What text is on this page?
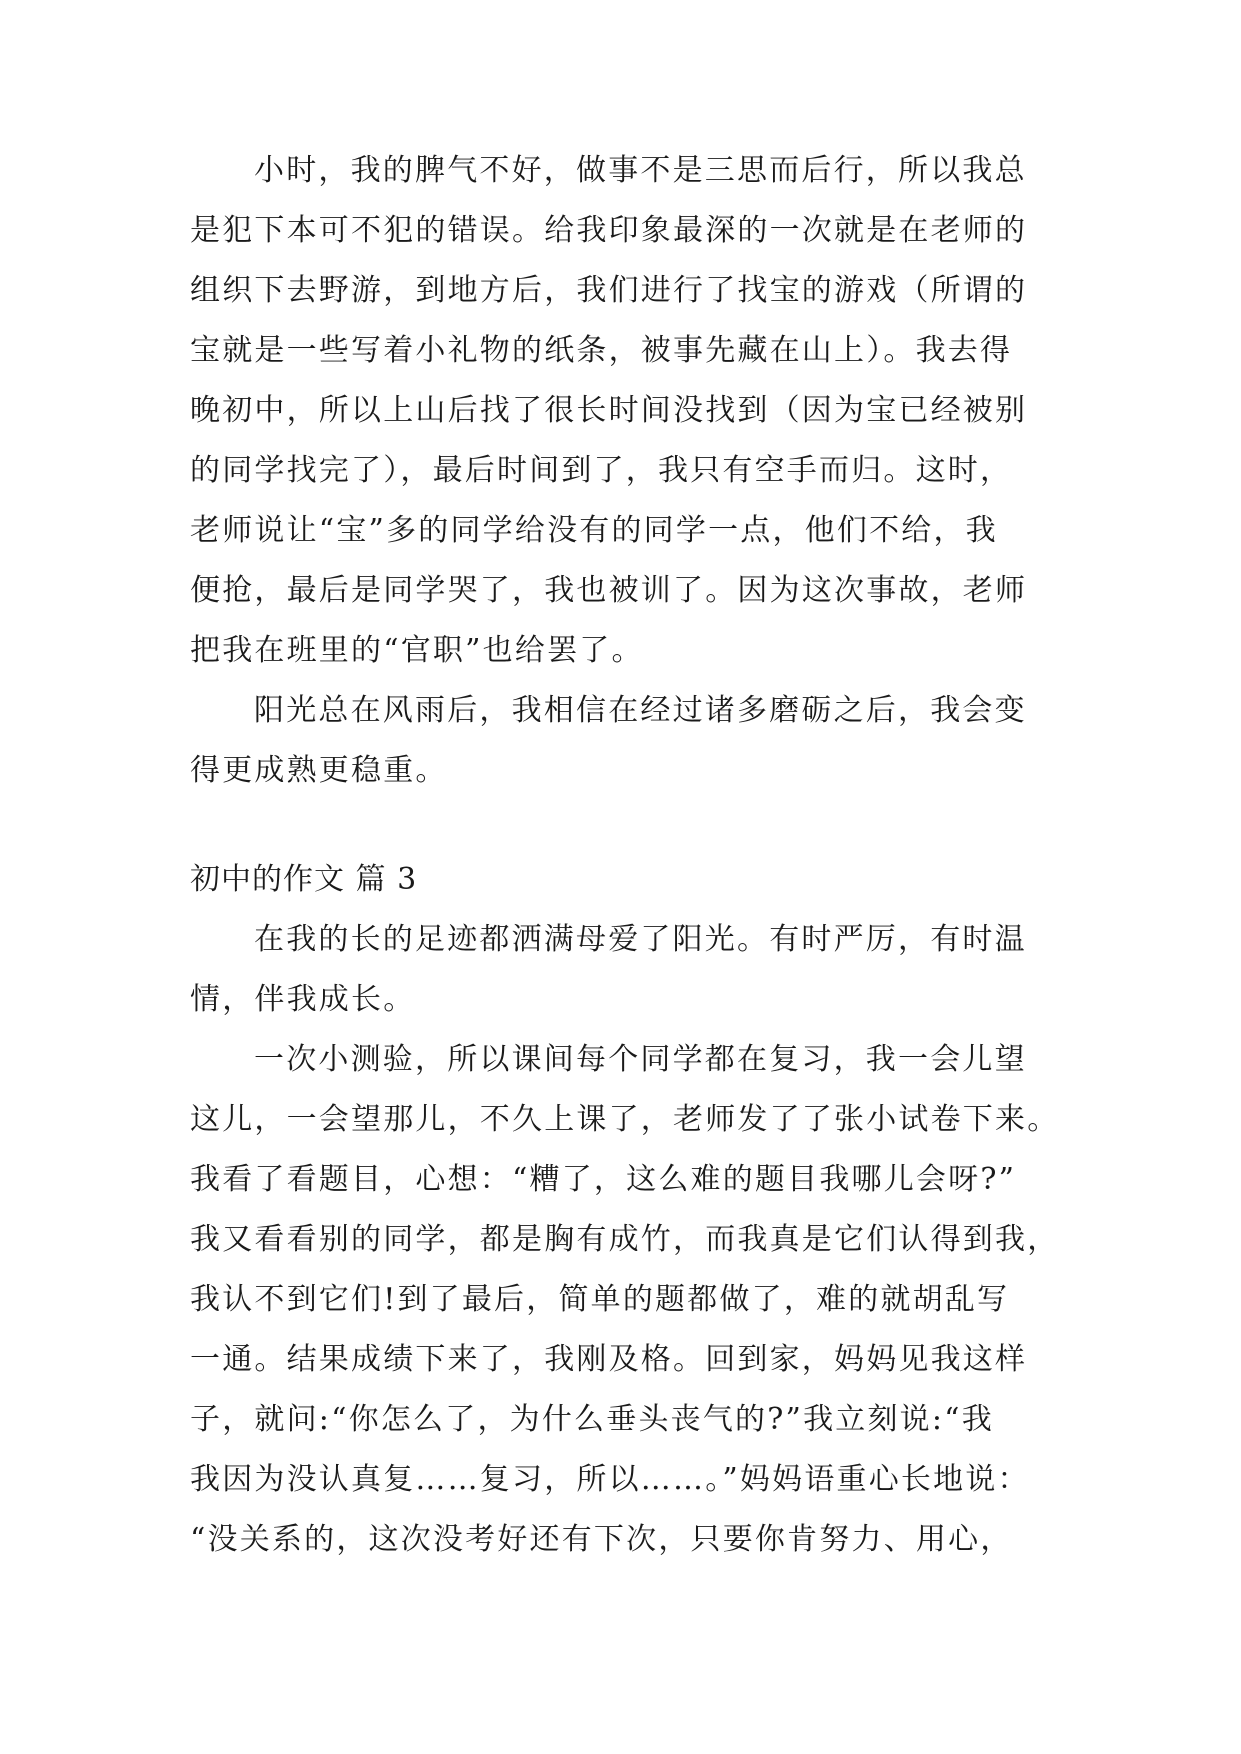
小时，我的脾气不好，做事不是三思而后行，所以我总
是犯下本可不犯的错误。给我印象最深的一次就是在老师的
组织下去野游，到地方后，我们进行了找宝的游戏（所谓的
宝就是一些写着小礼物的纸条，被事先藏在山上）。我去得
晚初中，所以上山后找了很长时间没找到（因为宝已经被别
的同学找完了），最后时间到了，我只有空手而归。这时，
老师说让“宝”多的同学给没有的同学一点，他们不给，我
便抢，最后是同学哭了，我也被训了。因为这次事故，老师
把我在班里的“官职”也给罢了。
阳光总在风雨后，我相信在经过诸多磨砺之后，我会变
得更成熟更稳重。
初中的作文 篇 3
在我的长的足迹都洒满母爱了阳光。有时严厉，有时温
情，伴我成长。
一次小测验，所以课间每个同学都在复习，我一会儿望
这儿，一会望那儿，不久上课了，老师发了了张小试卷下来。
我看了看题目，心想：“糟了，这么难的题目我哪儿会呀?”
我又看看别的同学，都是胸有成竹，而我真是它们认得到我，
我认不到它们!到了最后，简单的题都做了，难的就胡乱写
一通。结果成绩下来了，我刚及格。回到家，妈妈见我这样
子，就问:“你怎么了，为什么垂头丧气的?”我立刻说:“我
我因为没认真复……复习，所以……。”妈妈语重心长地说：
“没关系的，这次没考好还有下次，只要你肯努力、用心，
